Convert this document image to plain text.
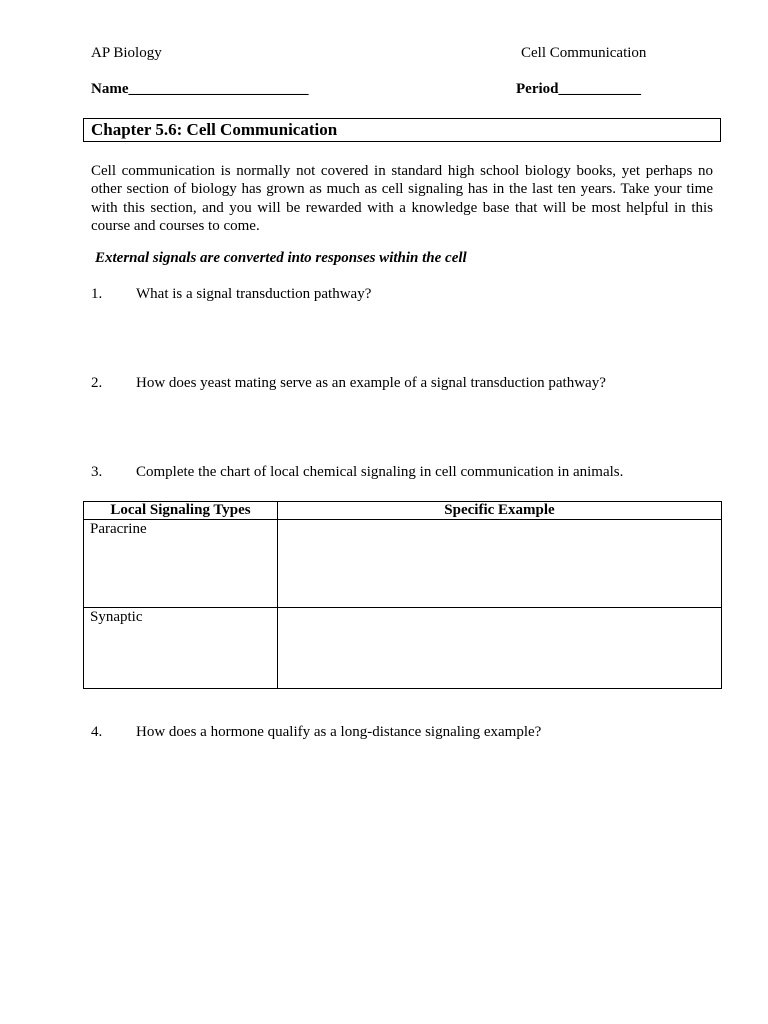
AP Biology	Cell Communication
Name________________________	Period___________
Chapter 5.6: Cell Communication

Cell communication is normally not covered in standard high school biology books, yet perhaps no other section of biology has grown as much as cell signaling has in the last ten years. Take your time with this section, and you will be rewarded with a knowledge base that will be most helpful in this course and courses to come.

External signals are converted into responses within the cell
1. What is a signal transduction pathway?
2. How does yeast mating serve as an example of a signal transduction pathway?
3. Complete the chart of local chemical signaling in cell communication in animals.
Local Signaling Types	Specific Example
Paracrine	
Synaptic	
4. How does a hormone qualify as a long-distance signaling example?
